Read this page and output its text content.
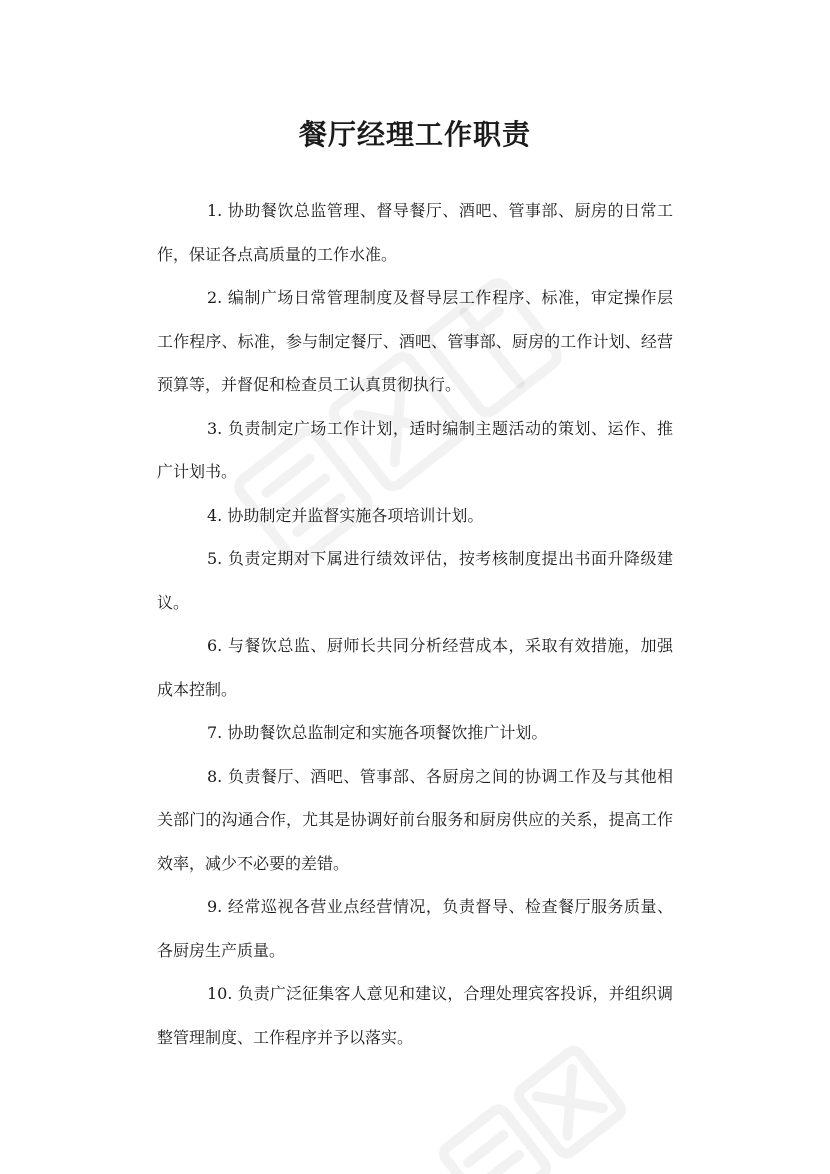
餐厅经理工作职责

1. 协助餐饮总监管理、督导餐厅、酒吧、管事部、厨房的日常工作，保证各点高质量的工作水准。

2. 编制广场日常管理制度及督导层工作程序、标准，审定操作层工作程序、标准，参与制定餐厅、酒吧、管事部、厨房的工作计划、经营预算等，并督促和检查员工认真贯彻执行。

3. 负责制定广场工作计划，适时编制主题活动的策划、运作、推广计划书。

4. 协助制定并监督实施各项培训计划。

5. 负责定期对下属进行绩效评估，按考核制度提出书面升降级建议。

6. 与餐饮总监、厨师长共同分析经营成本，采取有效措施，加强成本控制。

7. 协助餐饮总监制定和实施各项餐饮推广计划。

8. 负责餐厅、酒吧、管事部、各厨房之间的协调工作及与其他相关部门的沟通合作，尤其是协调好前台服务和厨房供应的关系，提高工作效率，减少不必要的差错。

9. 经常巡视各营业点经营情况，负责督导、检查餐厅服务质量、各厨房生产质量。

10. 负责广泛征集客人意见和建议，合理处理宾客投诉，并组织调整管理制度、工作程序并予以落实。
